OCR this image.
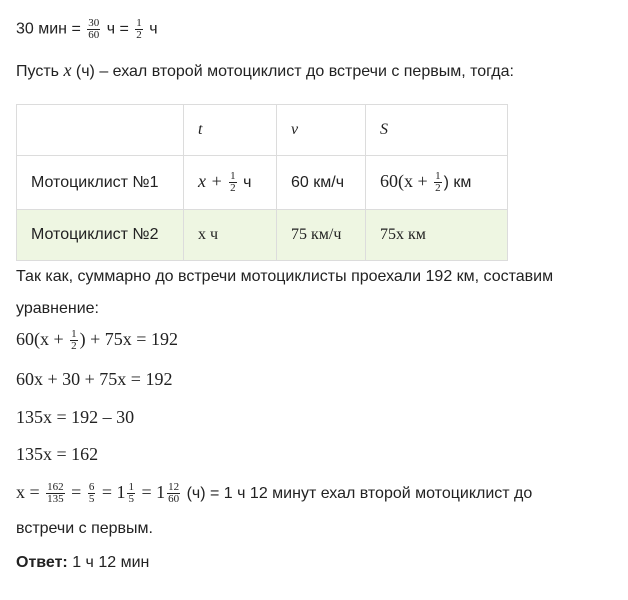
30 мин = $\frac{30}{60}$ $ч = \frac{1}{2}$ ч
Пусть x (ч) – ехал второй мотоциклист до встречи с первым, тогда:
	t	v	S
Мотоциклист №1	$x + \frac{1}{2}$ ч	60 км/ч	$60(x + \frac{1}{2}$ ) км
Мотоциклист №2	x ч	75 км/ч	75x км
Так как, суммарно до встречи мотоциклисты проехали 192 км, составим
уравнение:
$60(x + \frac{1}{2}$ ) + 75x = 192
60x + 30 + 75x = 192
135x = 192 – 30
135x = 162
$x = \frac{162}{135} = \frac{6}{5} = 1 \frac{1}{5} = 1 \frac{12}{60} (ч) = 1$ ч 12 минут ехал второй мотоциклист до
встречи с первым.
Ответ: 1 ч 12 мин
